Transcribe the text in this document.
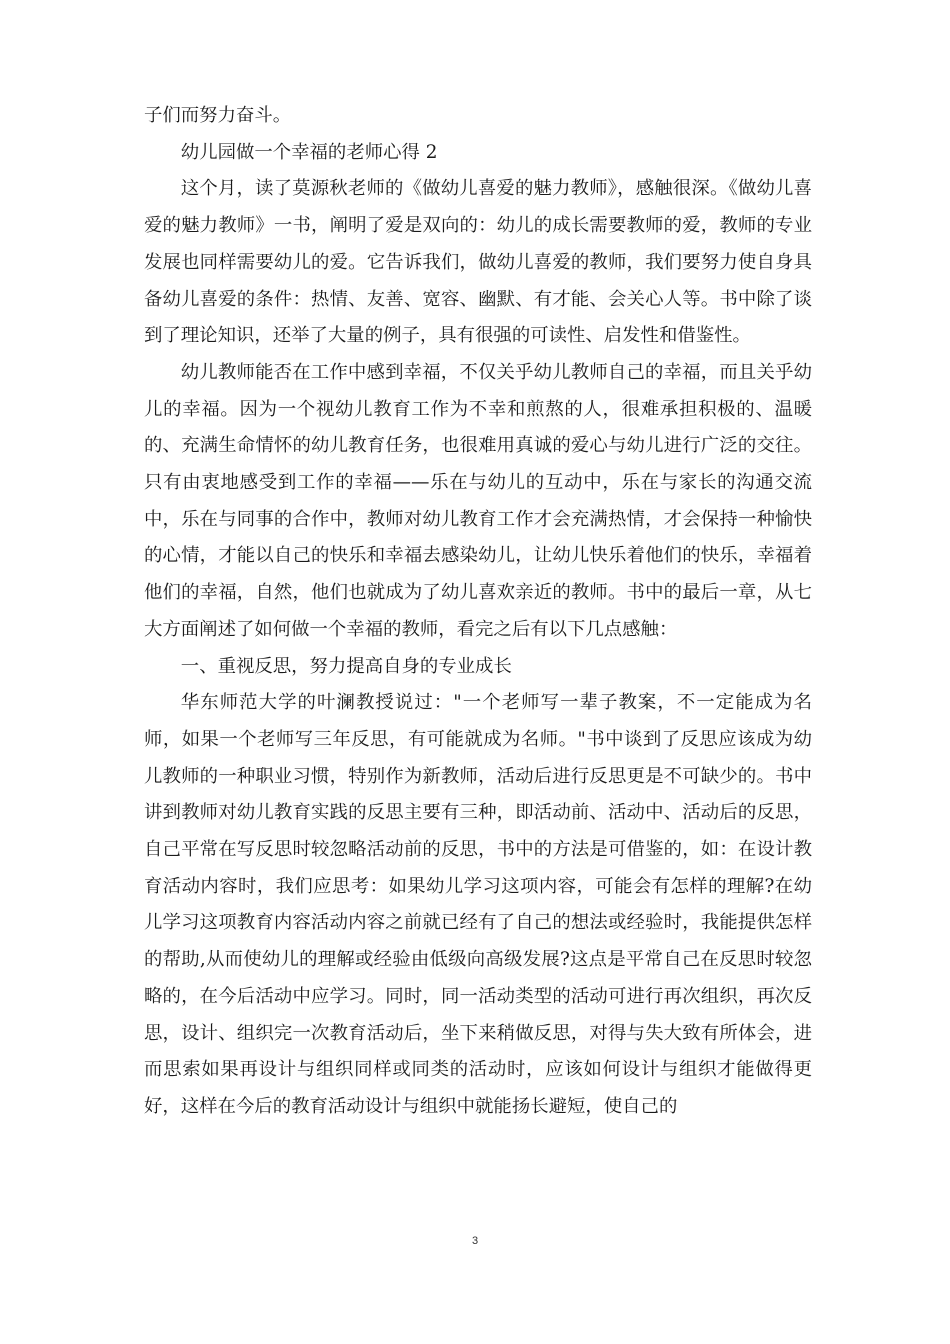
子们而努力奋斗。

幼儿园做一个幸福的老师心得 2

这个月，读了莫源秋老师的《做幼儿喜爱的魅力教师》，感触很深。《做幼儿喜爱的魅力教师》一书，阐明了爱是双向的：幼儿的成长需要教师的爱，教师的专业发展也同样需要幼儿的爱。它告诉我们，做幼儿喜爱的教师，我们要努力使自身具备幼儿喜爱的条件：热情、友善、宽容、幽默、有才能、会关心人等。书中除了谈到了理论知识，还举了大量的例子，具有很强的可读性、启发性和借鉴性。

幼儿教师能否在工作中感到幸福，不仅关乎幼儿教师自己的幸福，而且关乎幼儿的幸福。因为一个视幼儿教育工作为不幸和煎熬的人，很难承担积极的、温暖的、充满生命情怀的幼儿教育任务，也很难用真诚的爱心与幼儿进行广泛的交往。只有由衷地感受到工作的幸福——乐在与幼儿的互动中，乐在与家长的沟通交流中，乐在与同事的合作中，教师对幼儿教育工作才会充满热情，才会保持一种愉快的心情，才能以自己的快乐和幸福去感染幼儿，让幼儿快乐着他们的快乐，幸福着他们的幸福，自然，他们也就成为了幼儿喜欢亲近的教师。书中的最后一章，从七大方面阐述了如何做一个幸福的教师，看完之后有以下几点感触：

一、重视反思，努力提高自身的专业成长

华东师范大学的叶澜教授说过："一个老师写一辈子教案，不一定能成为名师，如果一个老师写三年反思，有可能就成为名师。"书中谈到了反思应该成为幼儿教师的一种职业习惯，特别作为新教师，活动后进行反思更是不可缺少的。书中讲到教师对幼儿教育实践的反思主要有三种，即活动前、活动中、活动后的反思，自己平常在写反思时较忽略活动前的反思，书中的方法是可借鉴的，如：在设计教育活动内容时，我们应思考：如果幼儿学习这项内容，可能会有怎样的理解?在幼儿学习这项教育内容活动内容之前就已经有了自己的想法或经验时，我能提供怎样的帮助,从而使幼儿的理解或经验由低级向高级发展?这点是平常自己在反思时较忽略的，在今后活动中应学习。同时，同一活动类型的活动可进行再次组织，再次反思，设计、组织完一次教育活动后，坐下来稍做反思，对得与失大致有所体会，进而思索如果再设计与组织同样或同类的活动时，应该如何设计与组织才能做得更好，这样在今后的教育活动设计与组织中就能扬长避短，使自己的

3
